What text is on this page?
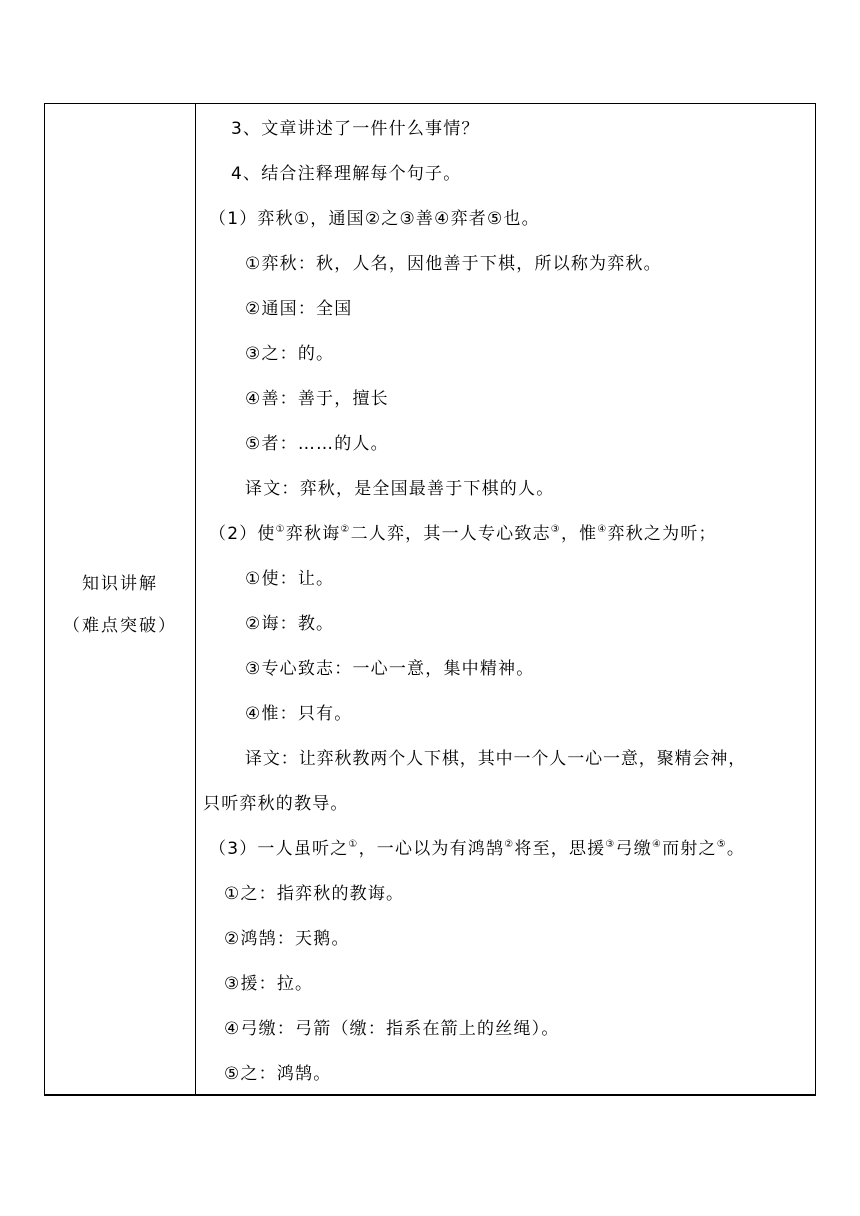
知识讲解
（难点突破）
3、文章讲述了一件什么事情？
4、结合注释理解每个句子。
（1）弈秋①，通国②之③善④弈者⑤也。
①弈秋：秋，人名，因他善于下棋，所以称为弈秋。
②通国：全国
③之：的。
④善：善于，擅长
⑤者：……的人。
译文：弈秋，是全国最善于下棋的人。
（2）使①弈秋诲②二人弈，其一人专心致志③，惟④弈秋之为听；
①使：让。
②诲：教。
③专心致志：一心一意，集中精神。
④惟：只有。
译文：让弈秋教两个人下棋，其中一个人一心一意，聚精会神，
只听弈秋的教导。
（3）一人虽听之①，一心以为有鸿鹄②将至，思援③弓缴④而射之⑤。
①之：指弈秋的教诲。
②鸿鹄：天鹅。
③援：拉。
④弓缴：弓箭（缴：指系在箭上的丝绳）。
⑤之：鸿鹄。
